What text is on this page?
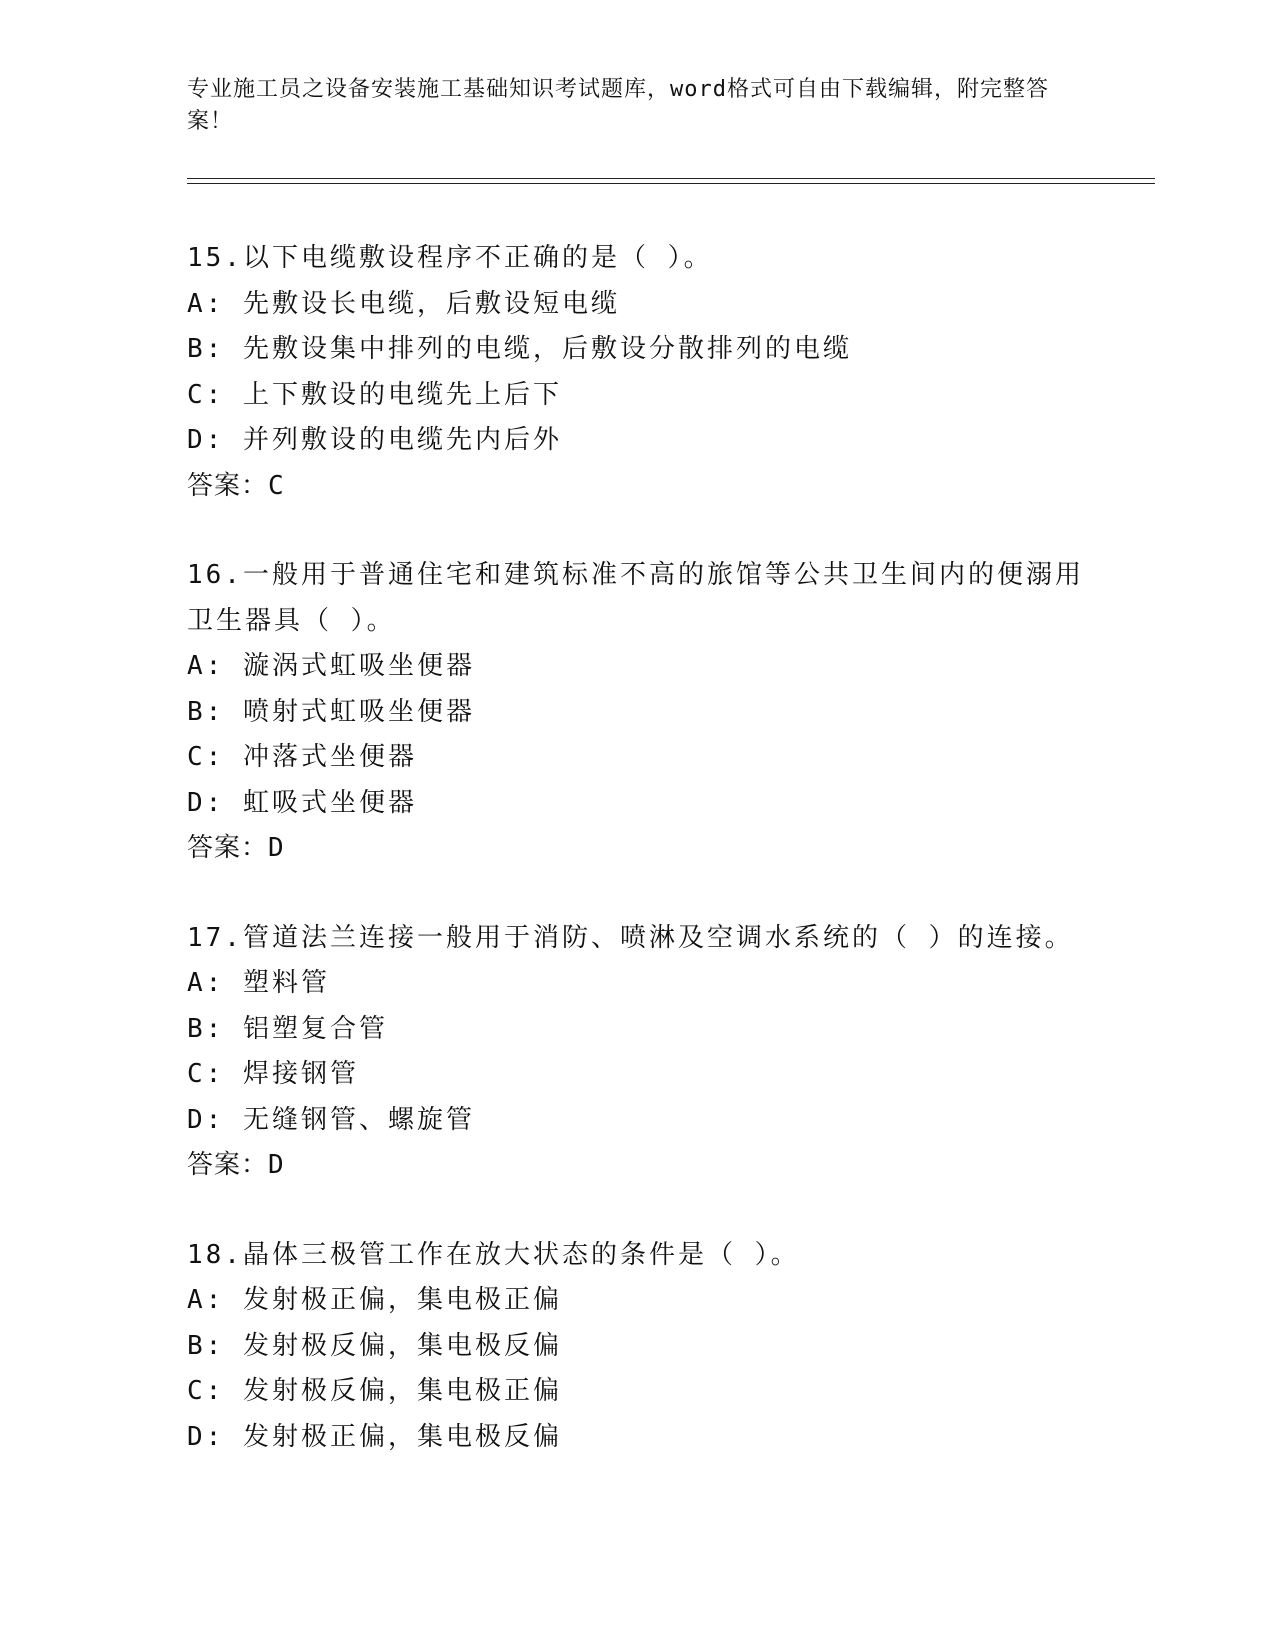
专业施工员之设备安装施工基础知识考试题库，word格式可自由下载编辑，附完整答案！
15.以下电缆敷设程序不正确的是（ ）。
A: 先敷设长电缆，后敷设短电缆
B: 先敷设集中排列的电缆，后敷设分散排列的电缆
C: 上下敷设的电缆先上后下
D: 并列敷设的电缆先内后外
答案：C
16.一般用于普通住宅和建筑标准不高的旅馆等公共卫生间内的便溺用卫生器具（ ）。
A: 漩涡式虹吸坐便器
B: 喷射式虹吸坐便器
C: 冲落式坐便器
D: 虹吸式坐便器
答案：D
17.管道法兰连接一般用于消防、喷淋及空调水系统的（ ）的连接。
A: 塑料管
B: 铝塑复合管
C: 焊接钢管
D: 无缝钢管、螺旋管
答案：D
18.晶体三极管工作在放大状态的条件是（ ）。
A: 发射极正偏，集电极正偏
B: 发射极反偏，集电极反偏
C: 发射极反偏，集电极正偏
D: 发射极正偏，集电极反偏
